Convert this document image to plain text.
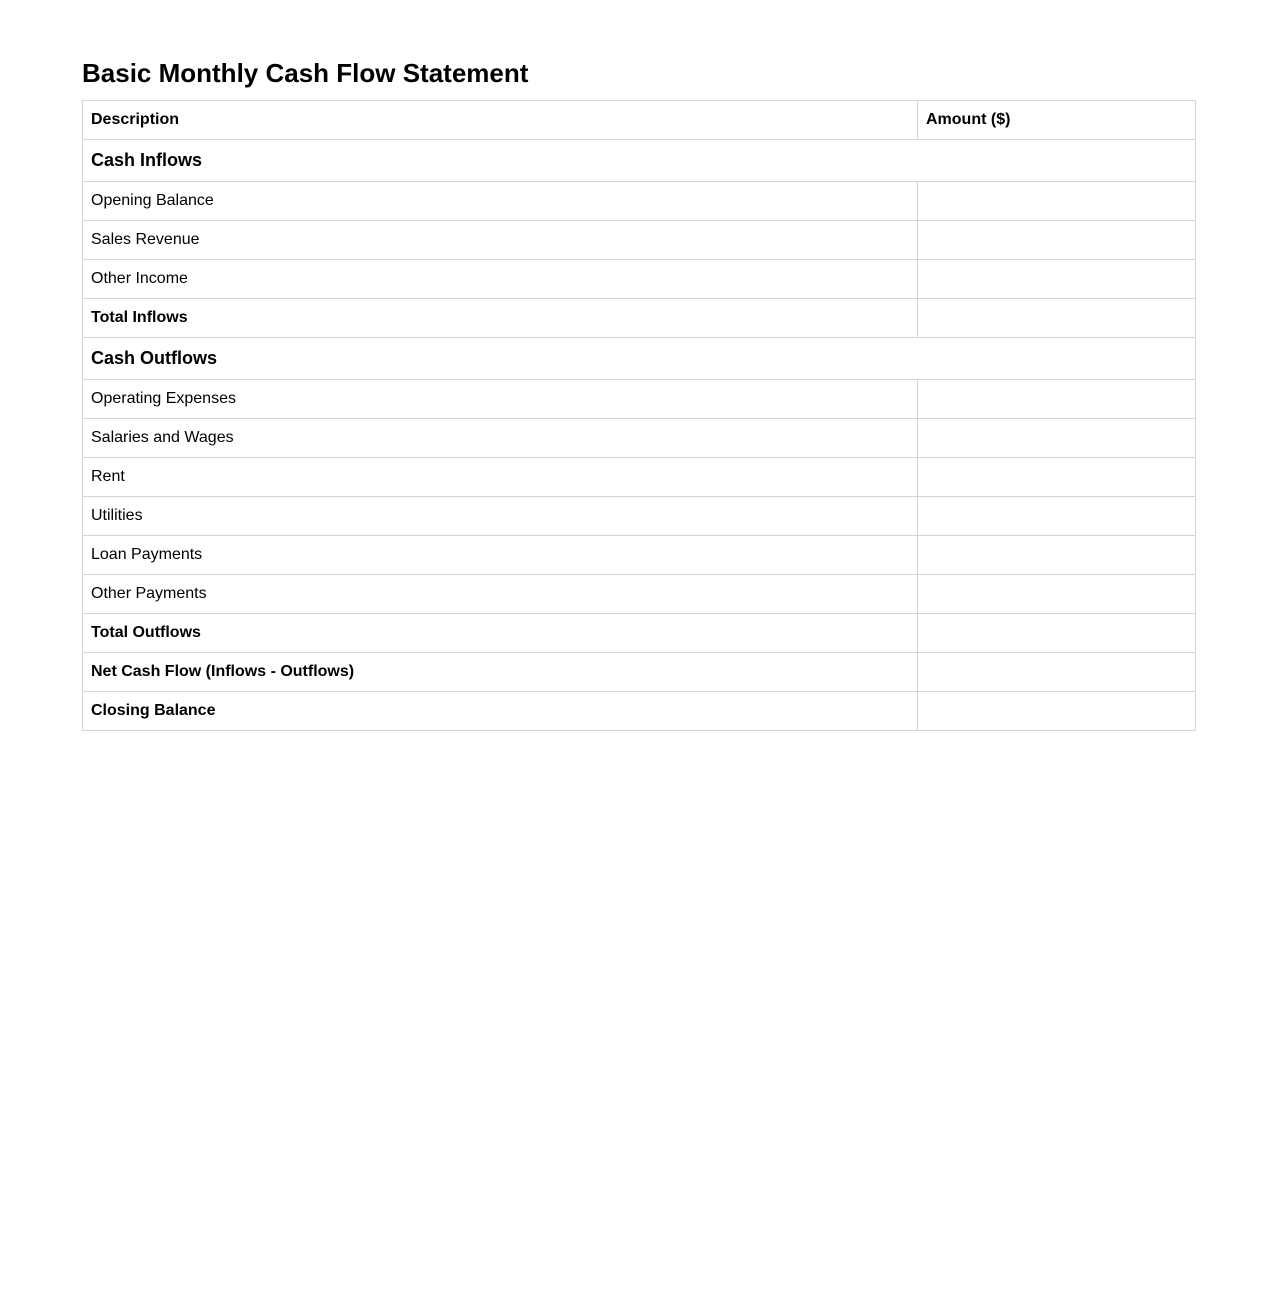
Basic Monthly Cash Flow Statement
Description	Amount ($)
Cash Inflows	
Opening Balance	
Sales Revenue	
Other Income	
Total Inflows	
Cash Outflows	
Operating Expenses	
Salaries and Wages	
Rent	
Utilities	
Loan Payments	
Other Payments	
Total Outflows	
Net Cash Flow (Inflows - Outflows)	
Closing Balance	
